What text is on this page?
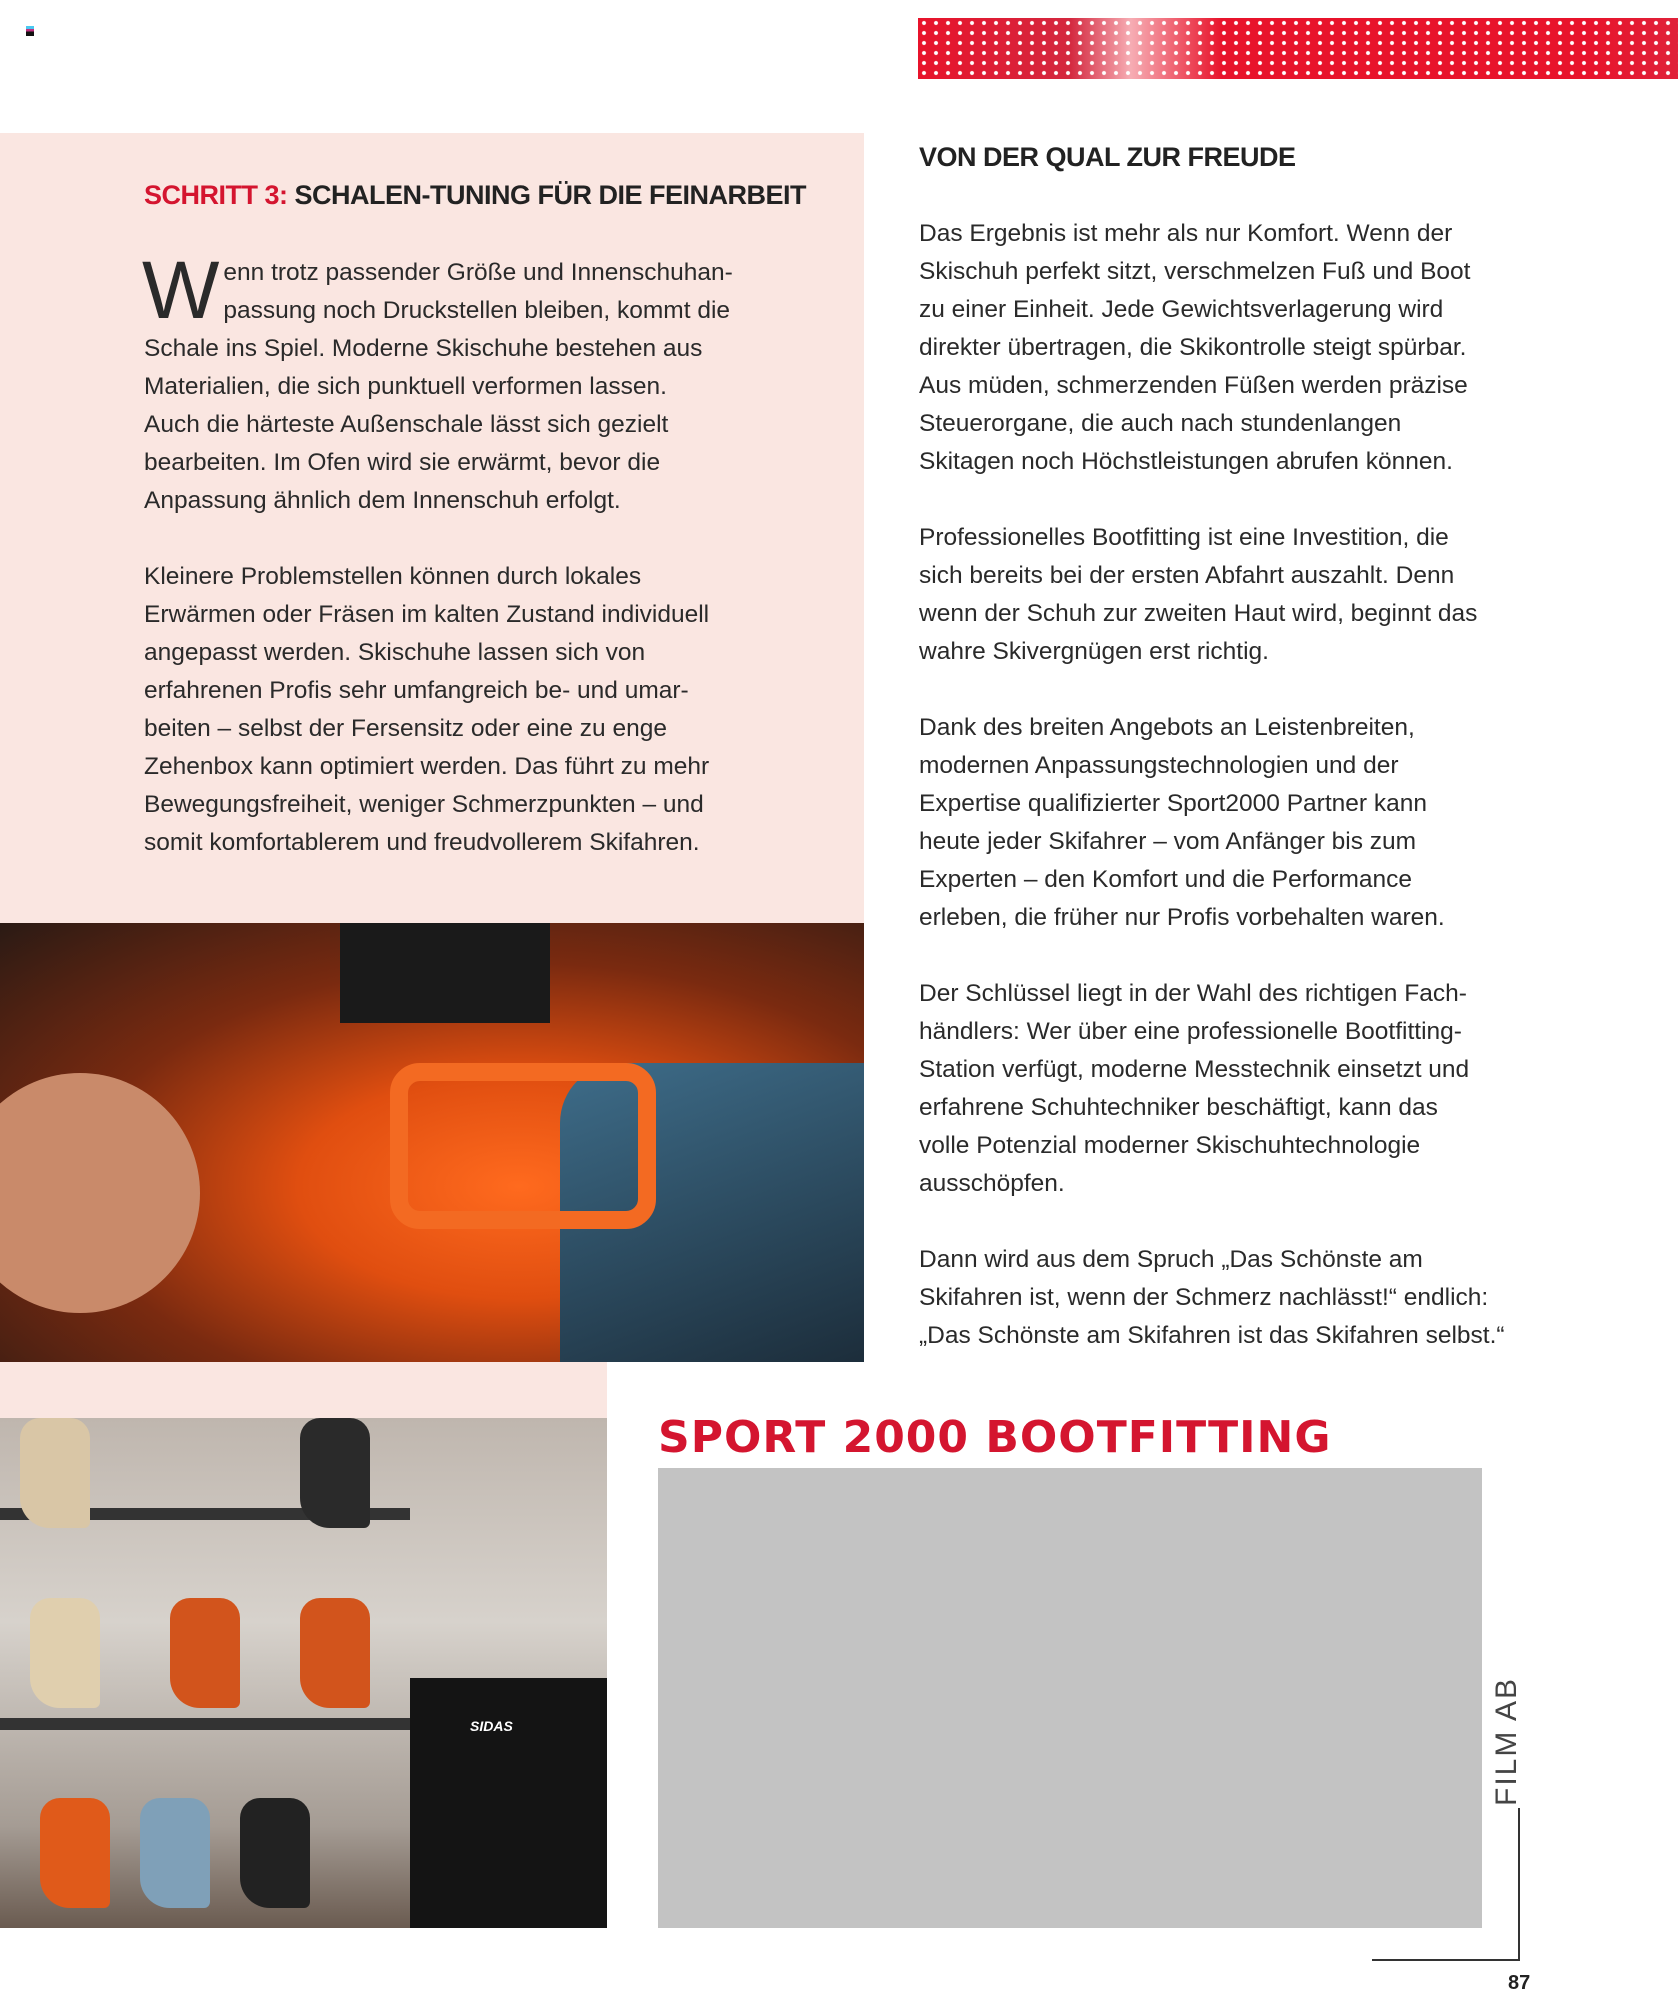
SCHRITT 3: SCHALEN-TUNING FÜR DIE FEINARBEIT
W enn trotz passender Größe und Innenschuhan-
passung noch Druckstellen bleiben, kommt die
Schale ins Spiel. Moderne Skischuhe bestehen aus
Materialien, die sich punktuell verformen lassen.
Auch die härteste Außenschale lässt sich gezielt
bearbeiten. Im Ofen wird sie erwärmt, bevor die
Anpassung ähnlich dem Innenschuh erfolgt.
Kleinere Problemstellen können durch lokales
Erwärmen oder Fräsen im kalten Zustand individuell
angepasst werden. Skischuhe lassen sich von
erfahrenen Profis sehr umfangreich be- und umar-
beiten – selbst der Fersensitz oder eine zu enge
Zehenbox kann optimiert werden. Das führt zu mehr
Bewegungsfreiheit, weniger Schmerzpunkten – und
somit komfortablerem und freudvollerem Skifahren.
VON DER QUAL ZUR FREUDE
Das Ergebnis ist mehr als nur Komfort. Wenn der
Skischuh perfekt sitzt, verschmelzen Fuß und Boot
zu einer Einheit. Jede Gewichtsverlagerung wird
direkter übertragen, die Skikontrolle steigt spürbar.
Aus müden, schmerzenden Füßen werden präzise
Steuerorgane, die auch nach stundenlangen
Skitagen noch Höchstleistungen abrufen können.
Professionelles Bootfitting ist eine Investition, die
sich bereits bei der ersten Abfahrt auszahlt. Denn
wenn der Schuh zur zweiten Haut wird, beginnt das
wahre Skivergnügen erst richtig.
Dank des breiten Angebots an Leistenbreiten,
modernen Anpassungstechnologien und der
Expertise qualifizierter Sport2000 Partner kann
heute jeder Skifahrer – vom Anfänger bis zum
Experten – den Komfort und die Performance
erleben, die früher nur Profis vorbehalten waren.
Der Schlüssel liegt in der Wahl des richtigen Fach-
händlers: Wer über eine professionelle Bootfitting-
Station verfügt, moderne Messtechnik einsetzt und
erfahrene Schuhtechniker beschäftigt, kann das
volle Potenzial moderner Skischuhtechnologie
ausschöpfen.
Dann wird aus dem Spruch „Das Schönste am
Skifahren ist, wenn der Schmerz nachlässt!“ endlich:
„Das Schönste am Skifahren ist das Skifahren selbst.“
SIDAS
SPORT 2000 BOOTFITTING
FILM AB
87
